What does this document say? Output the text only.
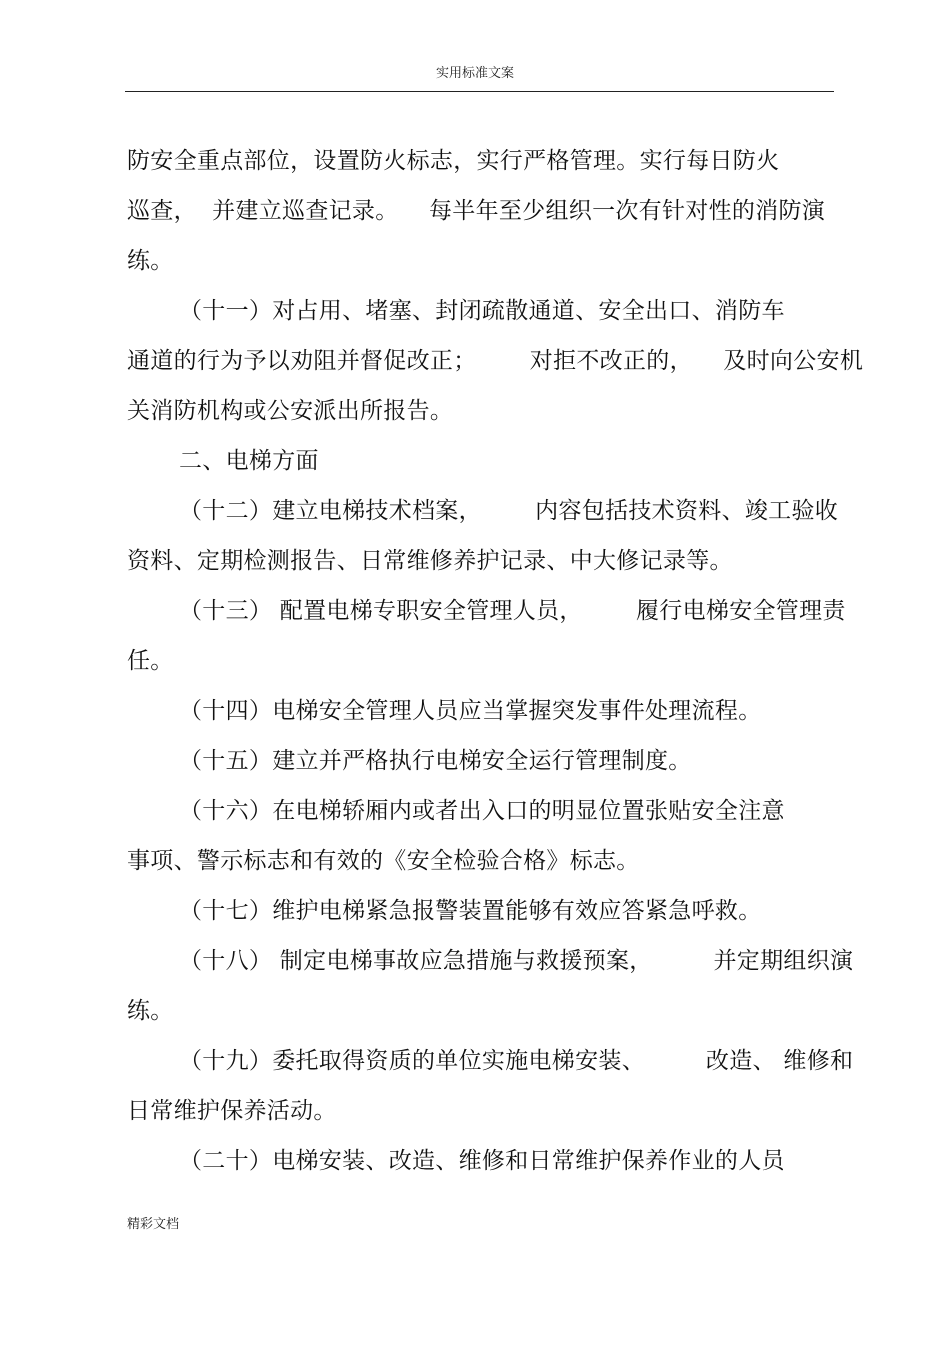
实用标准文案
防安全重点部位，设置防火标志，实行严格管理。实行每日防火
巡查，  并建立巡查记录。    每半年至少组织一次有针对性的消防演
练。
（十一）对占用、堵塞、封闭疏散通道、安全出口、消防车
通道的行为予以劝阻并督促改正；       对拒不改正的，    及时向公安机
关消防机构或公安派出所报告。
二、电梯方面
（十二）建立电梯技术档案，       内容包括技术资料、竣工验收
资料、定期检测报告、日常维修养护记录、中大修记录等。
（十三） 配置电梯专职安全管理人员，       履行电梯安全管理责
任。
（十四）电梯安全管理人员应当掌握突发事件处理流程。
（十五）建立并严格执行电梯安全运行管理制度。
（十六）在电梯轿厢内或者出入口的明显位置张贴安全注意
事项、警示标志和有效的《安全检验合格》标志。
（十七）维护电梯紧急报警装置能够有效应答紧急呼救。
（十八） 制定电梯事故应急措施与救援预案，        并定期组织演
练。
（十九）委托取得资质的单位实施电梯安装、        改造、 维修和
日常维护保养活动。
（二十）电梯安装、改造、维修和日常维护保养作业的人员
精彩文档
